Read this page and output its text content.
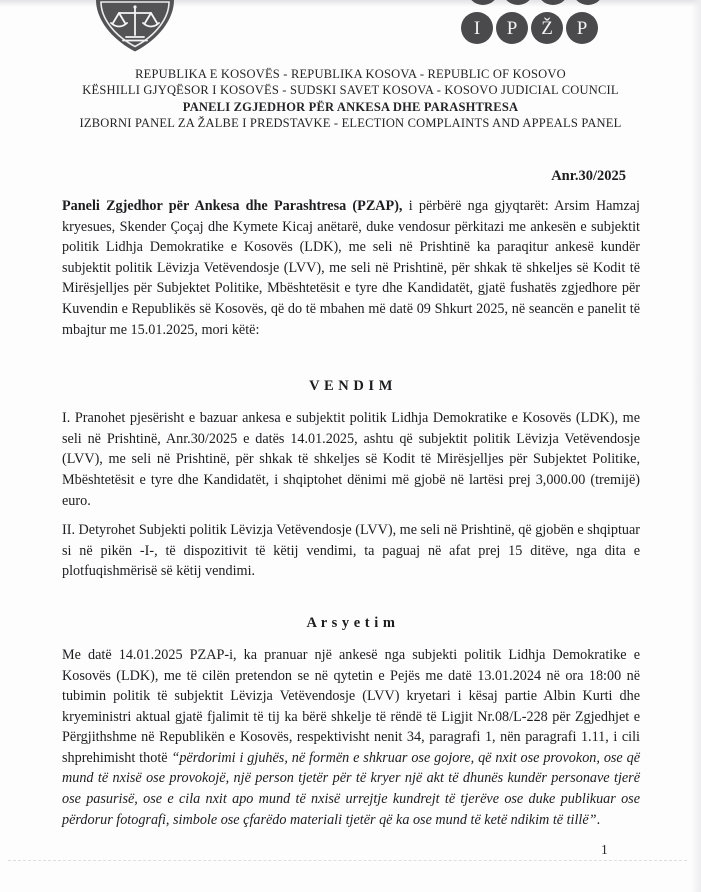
I P Ž P
REPUBLIKA E KOSOVËS - REPUBLIKA KOSOVA - REPUBLIC OF KOSOVO
KËSHILLI GJYQËSOR I KOSOVËS - SUDSKI SAVET KOSOVA - KOSOVO JUDICIAL COUNCIL
PANELI ZGJEDHOR PËR ANKESA DHE PARASHTRESA
IZBORNI PANEL ZA ŽALBE I PREDSTAVKE - ELECTION COMPLAINTS AND APPEALS PANEL
Anr.30/2025

Paneli Zgjedhor për Ankesa dhe Parashtresa (PZAP), i përbërë nga gjyqtarët: Arsim Hamzaj kryesues, Skender Çoçaj dhe Kymete Kicaj anëtarë, duke vendosur përkitazi me ankesën e subjektit politik Lidhja Demokratike e Kosovës (LDK), me seli në Prishtinë ka paraqitur ankesë kundër subjektit politik Lëvizja Vetëvendosje (LVV), me seli në Prishtinë, për shkak të shkeljes së Kodit të Mirësjelljes për Subjektet Politike, Mbështetësit e tyre dhe Kandidatët, gjatë fushatës zgjedhore për Kuvendin e Republikës së Kosovës, që do të mbahen më datë 09 Shkurt 2025, në seancën e panelit të mbajtur me 15.01.2025, mori këtë:

V E N D I M

I. Pranohet pjesërisht e bazuar ankesa e subjektit politik Lidhja Demokratike e Kosovës (LDK), me seli në Prishtinë, Anr.30/2025 e datës 14.01.2025, ashtu që subjektit politik Lëvizja Vetëvendosje (LVV), me seli në Prishtinë, për shkak të shkeljes së Kodit të Mirësjelljes për Subjektet Politike, Mbështetësit e tyre dhe Kandidatët, i shqiptohet dënimi më gjobë në lartësi prej 3,000.00 (tremijë) euro.

II. Detyrohet Subjekti politik Lëvizja Vetëvendosje (LVV), me seli në Prishtinë, që gjobën e shqiptuar si në pikën -I-, të dispozitivit të këtij vendimi, ta paguaj në afat prej 15 ditëve, nga dita e plotfuqishmërisë së këtij vendimi.

A r s y e t i m

Me datë 14.01.2025 PZAP-i, ka pranuar një ankesë nga subjekti politik Lidhja Demokratike e Kosovës (LDK), me të cilën pretendon se në qytetin e Pejës me datë 13.01.2024 në ora 18:00 në tubimin politik të subjektit Lëvizja Vetëvendosje (LVV) kryetari i kësaj partie Albin Kurti dhe kryeministri aktual gjatë fjalimit të tij ka bërë shkelje të rëndë të Ligjit Nr.08/L-228 për Zgjedhjet e Përgjithshme në Republikën e Kosovës, respektivisht nenit 34, paragrafi 1, nën paragrafi 1.11, i cili shprehimisht thotë “përdorimi i gjuhës, në formën e shkruar ose gojore, që nxit ose provokon, ose që mund të nxisë ose provokojë, një person tjetër për të kryer një akt të dhunës kundër personave tjerë ose pasurisë, ose e cila nxit apo mund të nxisë urrejtje kundrejt të tjerëve ose duke publikuar ose përdorur fotografi, simbole ose çfarëdo materiali tjetër që ka ose mund të ketë ndikim të tillë”.

1
